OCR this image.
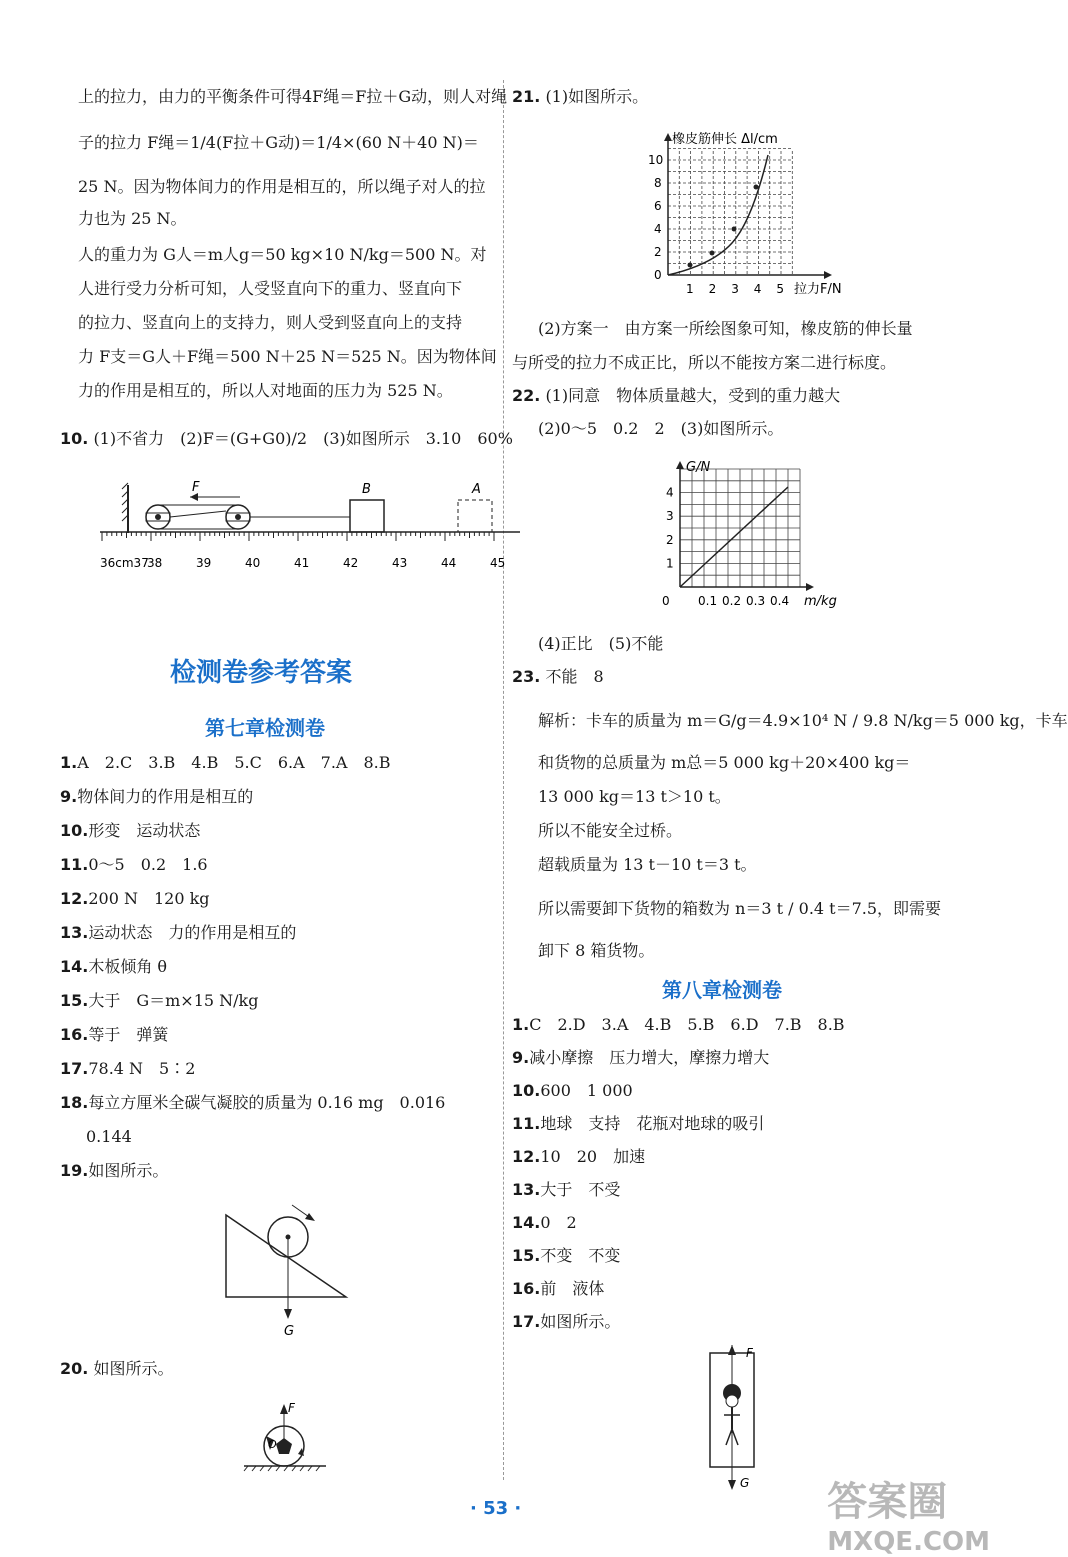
上的拉力，由力的平衡条件可得4F绳＝F拉＋G动，则人对绳
子的拉力 F绳＝1/4(F拉＋G动)＝1/4×(60 N＋40 N)＝
25 N。因为物体间力的作用是相互的，所以绳子对人的拉
力也为 25 N。
人的重力为 G人＝m人g＝50 kg×10 N/kg＝500 N。对
人进行受力分析可知，人受竖直向下的重力、竖直向下
的拉力、竖直向上的支持力，则人受到竖直向上的支持
力 F支＝G人＋F绳＝500 N＋25 N＝525 N。因为物体间
力的作用是相互的，所以人对地面的压力为 525 N。
10. (1)不省力　(2)F＝(G+G0)/2　(3)如图所示　3.10　60%
F	B	A
36cm37
38	39	40	41	42	43	44	45
检测卷参考答案
第七章检测卷
1.A　2.C　3.B　4.B　5.C　6.A　7.A　8.B
9.物体间力的作用是相互的
10.形变　运动状态
11.0～5　0.2　1.6
12.200 N　120 kg
13.运动状态　力的作用是相互的
14.木板倾角 θ
15.大于　G＝m×15 N/kg
16.等于　弹簧
17.78.4 N　5∶2
18.每立方厘米全碳气凝胶的质量为 0.16 mg　0.016
0.144
19.如图所示。
G
20. 如图所示。
F
O
21. (1)如图所示。
橡皮筋伸长 Δl/cm
0
2
4
6
8
10
1 2 3 4 5 拉力F/N
(2)方案一　由方案一所绘图象可知，橡皮筋的伸长量
与所受的拉力不成正比，所以不能按方案二进行标度。
22. (1)同意　物体质量越大，受到的重力越大
(2)0～5　0.2　2　(3)如图所示。
G/N
1
2
3
4
0 0.1 0.2 0.3 0.4 m/kg
(4)正比　(5)不能
23. 不能　8
解析：卡车的质量为 m＝G/g＝4.9×10⁴ N / 9.8 N/kg＝5 000 kg，卡车
和货物的总质量为 m总＝5 000 kg＋20×400 kg＝
13 000 kg＝13 t＞10 t。
所以不能安全过桥。
超载质量为 13 t－10 t＝3 t。
所以需要卸下货物的箱数为 n＝3 t / 0.4 t＝7.5，即需要
卸下 8 箱货物。
第八章检测卷
1.C　2.D　3.A　4.B　5.B　6.D　7.B　8.B
9.减小摩擦　压力增大，摩擦力增大
10.600　1 000
11.地球　支持　花瓶对地球的吸引
12.10　20　加速
13.大于　不受
14.0　2
15.不变　不变
16.前　液体
17.如图所示。
F
G
· 53 ·	答案圈
MXQE.COM
